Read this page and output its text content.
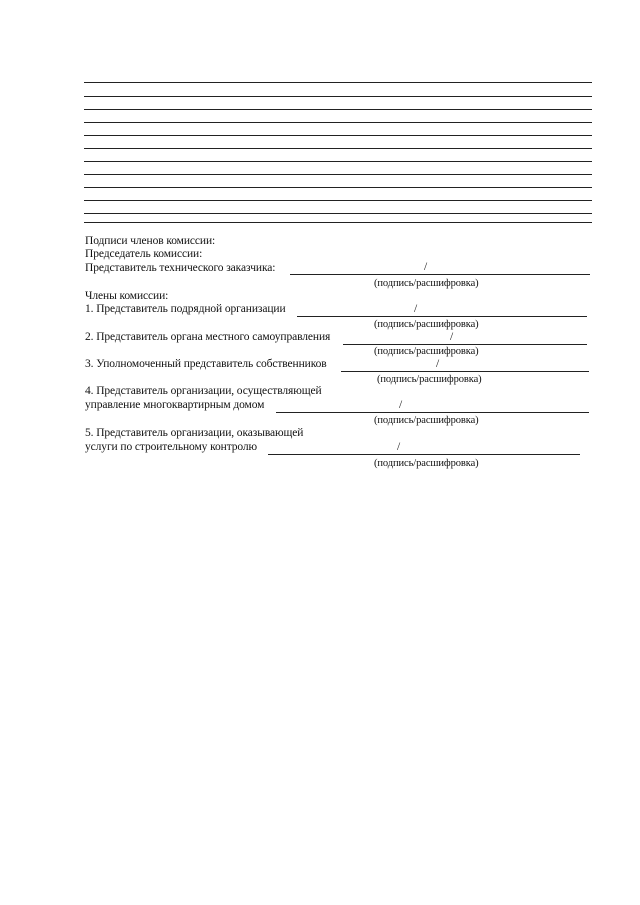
Подписи членов комиссии:
Председатель комиссии:
Представитель технического заказчика:	/
(подпись/расшифровка)
Члены комиссии:
1. Представитель подрядной организации	/
(подпись/расшифровка)
2. Представитель органа местного самоуправления	/
(подпись/расшифровка)
3. Уполномоченный представитель собственников	/
(подпись/расшифровка)
4. Представитель организации, осуществляющей
управление многоквартирным домом	/
(подпись/расшифровка)
5. Представитель организации, оказывающей
услуги по строительному контролю	/
(подпись/расшифровка)
